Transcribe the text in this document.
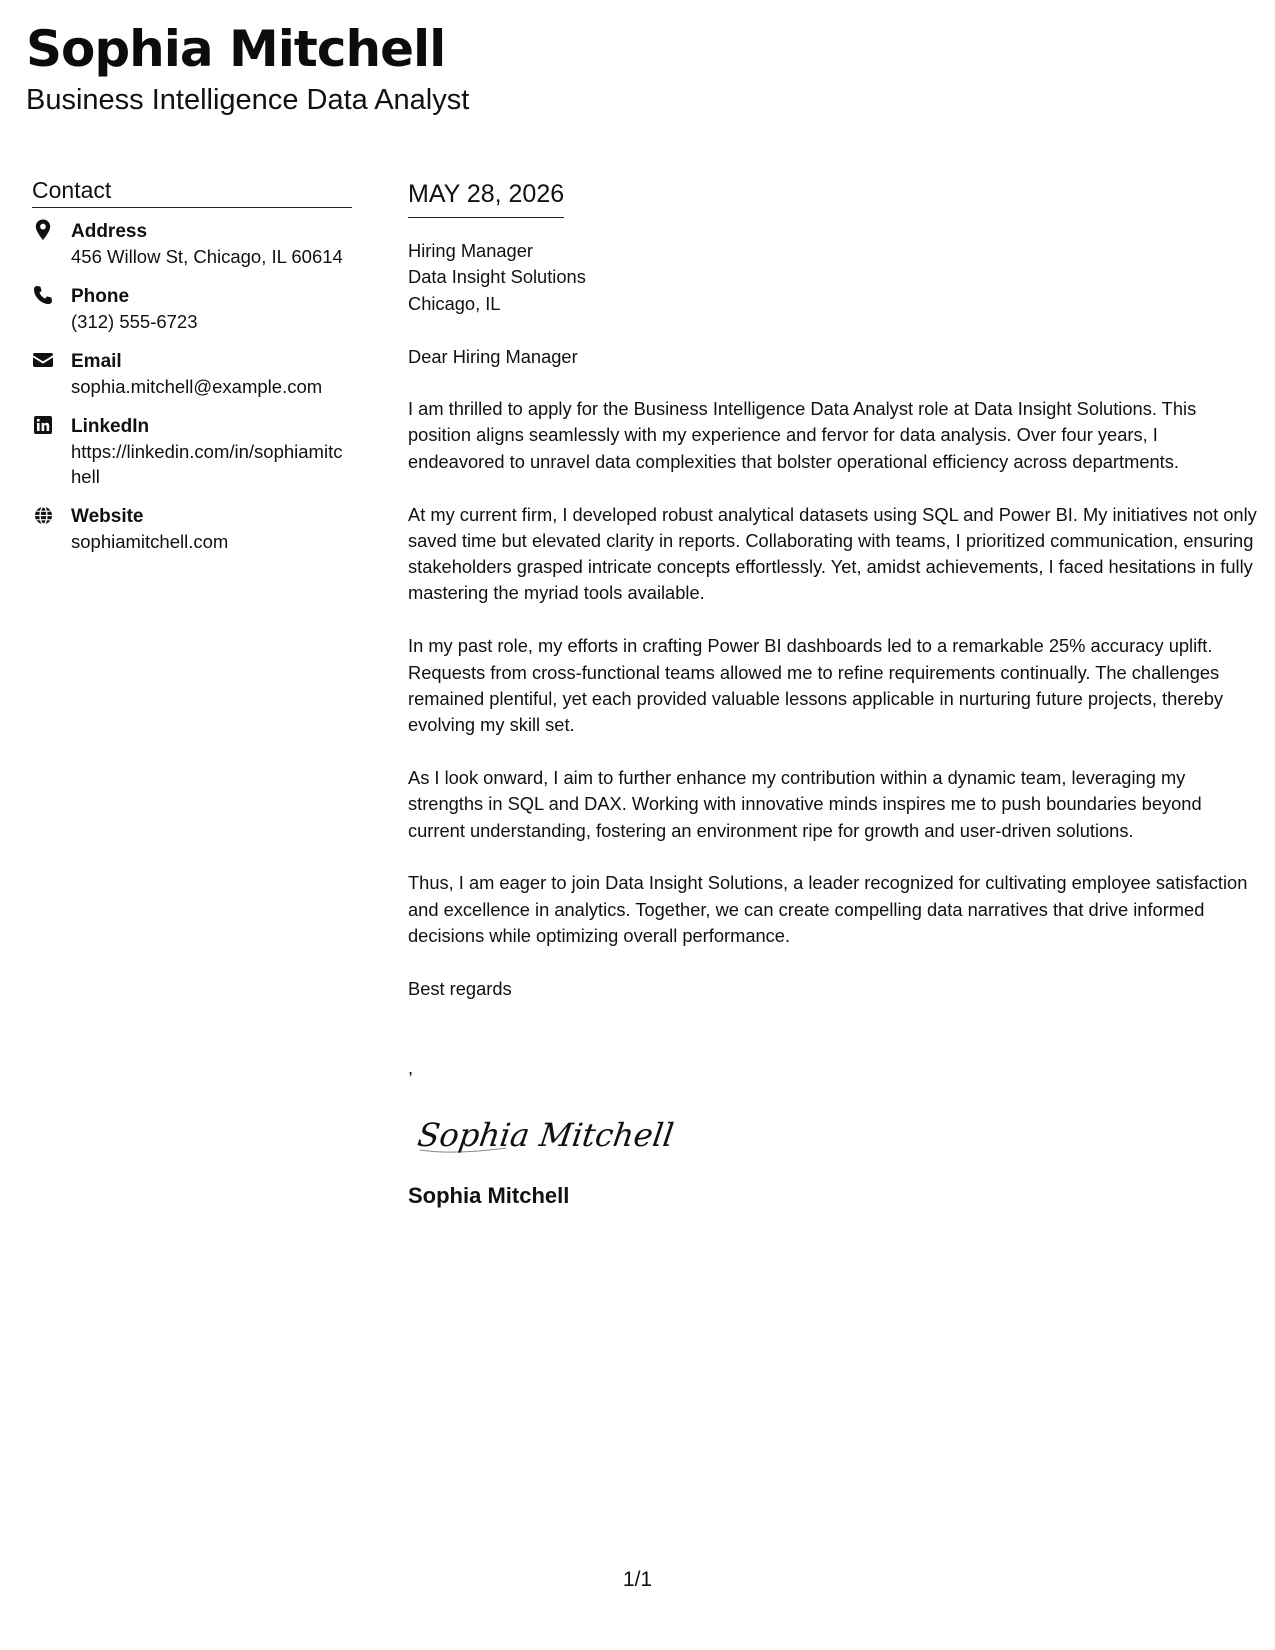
Sophia Mitchell
Business Intelligence Data Analyst
Contact
Address
456 Willow St, Chicago, IL 60614
Phone
(312) 555-6723
Email
sophia.mitchell@example.com
LinkedIn
https://linkedin.com/in/sophiamitchell
Website
sophiamitchell.com
MAY 28, 2026
Hiring Manager
Data Insight Solutions
Chicago, IL
Dear Hiring Manager

I am thrilled to apply for the Business Intelligence Data Analyst role at Data Insight Solutions. This position aligns seamlessly with my experience and fervor for data analysis. Over four years, I endeavored to unravel data complexities that bolster operational efficiency across departments.

At my current firm, I developed robust analytical datasets using SQL and Power BI. My initiatives not only saved time but elevated clarity in reports. Collaborating with teams, I prioritized communication, ensuring stakeholders grasped intricate concepts effortlessly. Yet, amidst achievements, I faced hesitations in fully mastering the myriad tools available.

In my past role, my efforts in crafting Power BI dashboards led to a remarkable 25% accuracy uplift. Requests from cross-functional teams allowed me to refine requirements continually. The challenges remained plentiful, yet each provided valuable lessons applicable in nurturing future projects, thereby evolving my skill set.

As I look onward, I aim to further enhance my contribution within a dynamic team, leveraging my strengths in SQL and DAX. Working with innovative minds inspires me to push boundaries beyond current understanding, fostering an environment ripe for growth and user-driven solutions.

Thus, I am eager to join Data Insight Solutions, a leader recognized for cultivating employee satisfaction and excellence in analytics. Together, we can create compelling data narratives that drive informed decisions while optimizing overall performance.

Best regards
,
Sophia Mitchell
Sophia Mitchell
1/1
